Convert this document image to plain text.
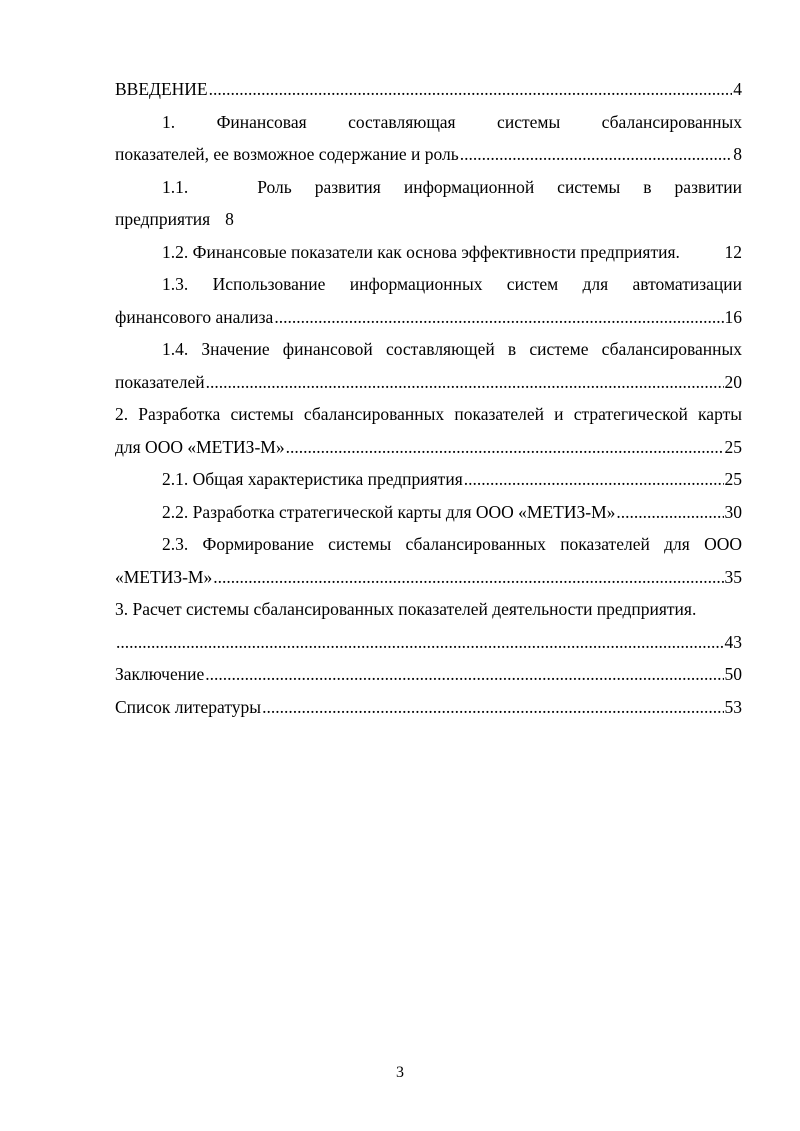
ВВЕДЕНИЕ .....	4
1. Финансовая составляющая системы сбалансированных
показателей, ее возможное содержание и роль .....	8
1.1.   Роль развития информационной системы в развитии
предприятия 8
1.2. Финансовые показатели как основа эффективности предприятия.	12
1.3. Использование информационных систем для автоматизации
финансового анализа .....	16
1.4. Значение финансовой составляющей в системе сбалансированных
показателей .....	20
2. Разработка системы сбалансированных показателей и стратегической карты
для ООО «МЕТИЗ-М» .....	25
2.1. Общая характеристика предприятия .....	25
2.2. Разработка стратегической карты для ООО «МЕТИЗ-М» .....	30
2.3. Формирование системы сбалансированных показателей для ООО
«МЕТИЗ-М» .....	35
3. Расчет системы сбалансированных показателей деятельности предприятия.
.....
43
Заключение .....	50
Список литературы .....	53
3
